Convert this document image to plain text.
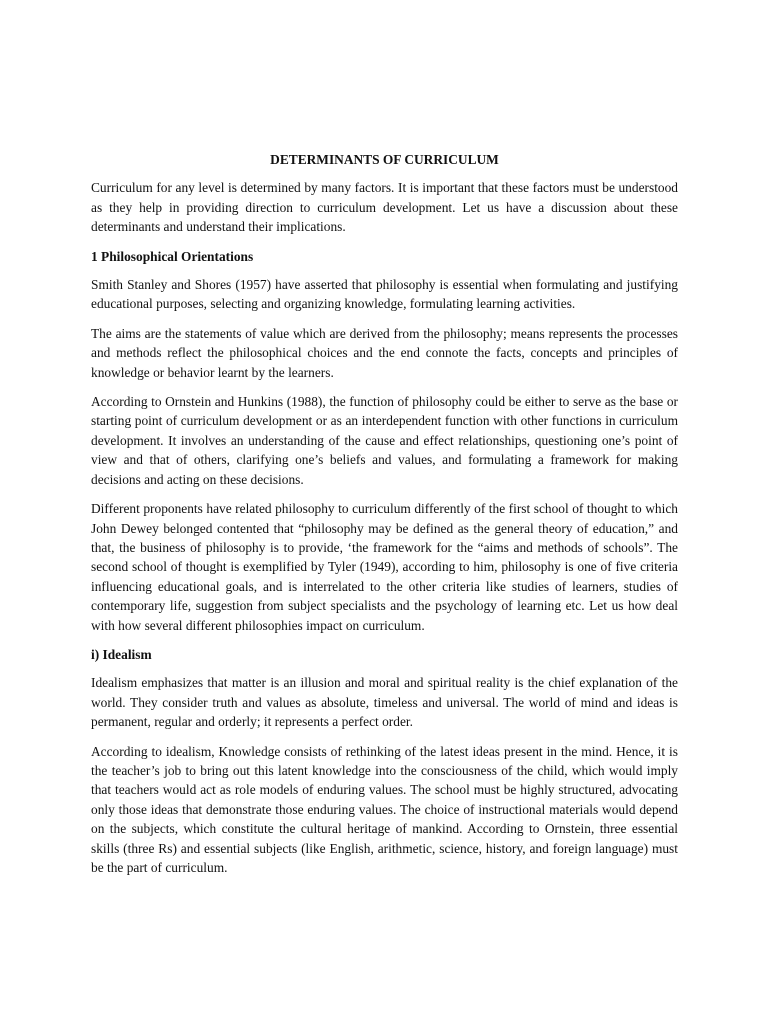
DETERMINANTS OF CURRICULUM

Curriculum for any level is determined by many factors. It is important that these factors must be understood as they help in providing direction to curriculum development. Let us have a discussion about these determinants and understand their implications.

1 Philosophical Orientations

Smith Stanley and Shores (1957) have asserted that philosophy is essential when formulating and justifying educational purposes, selecting and organizing knowledge, formulating learning activities.

The aims are the statements of value which are derived from the philosophy; means represents the processes and methods reflect the philosophical choices and the end connote the facts, concepts and principles of knowledge or behavior learnt by the learners.

According to Ornstein and Hunkins (1988), the function of philosophy could be either to serve as the base or starting point of curriculum development or as an interdependent function with other functions in curriculum development. It involves an understanding of the cause and effect relationships, questioning one’s point of view and that of others, clarifying one’s beliefs and values, and formulating a framework for making decisions and acting on these decisions.

Different proponents have related philosophy to curriculum differently of the first school of thought to which John Dewey belonged contented that “philosophy may be defined as the general theory of education,” and that, the business of philosophy is to provide, ‘the framework for the “aims and methods of schools”. The second school of thought is exemplified by Tyler (1949), according to him, philosophy is one of five criteria influencing educational goals, and is interrelated to the other criteria like studies of learners, studies of contemporary life, suggestion from subject specialists and the psychology of learning etc. Let us how deal with how several different philosophies impact on curriculum.

i) Idealism

Idealism emphasizes that matter is an illusion and moral and spiritual reality is the chief explanation of the world. They consider truth and values as absolute, timeless and universal. The world of mind and ideas is permanent, regular and orderly; it represents a perfect order.

According to idealism, Knowledge consists of rethinking of the latest ideas present in the mind. Hence, it is the teacher’s job to bring out this latent knowledge into the consciousness of the child, which would imply that teachers would act as role models of enduring values. The school must be highly structured, advocating only those ideas that demonstrate those enduring values. The choice of instructional materials would depend on the subjects, which constitute the cultural heritage of mankind. According to Ornstein, three essential skills (three Rs) and essential subjects (like English, arithmetic, science, history, and foreign language) must be the part of curriculum.
